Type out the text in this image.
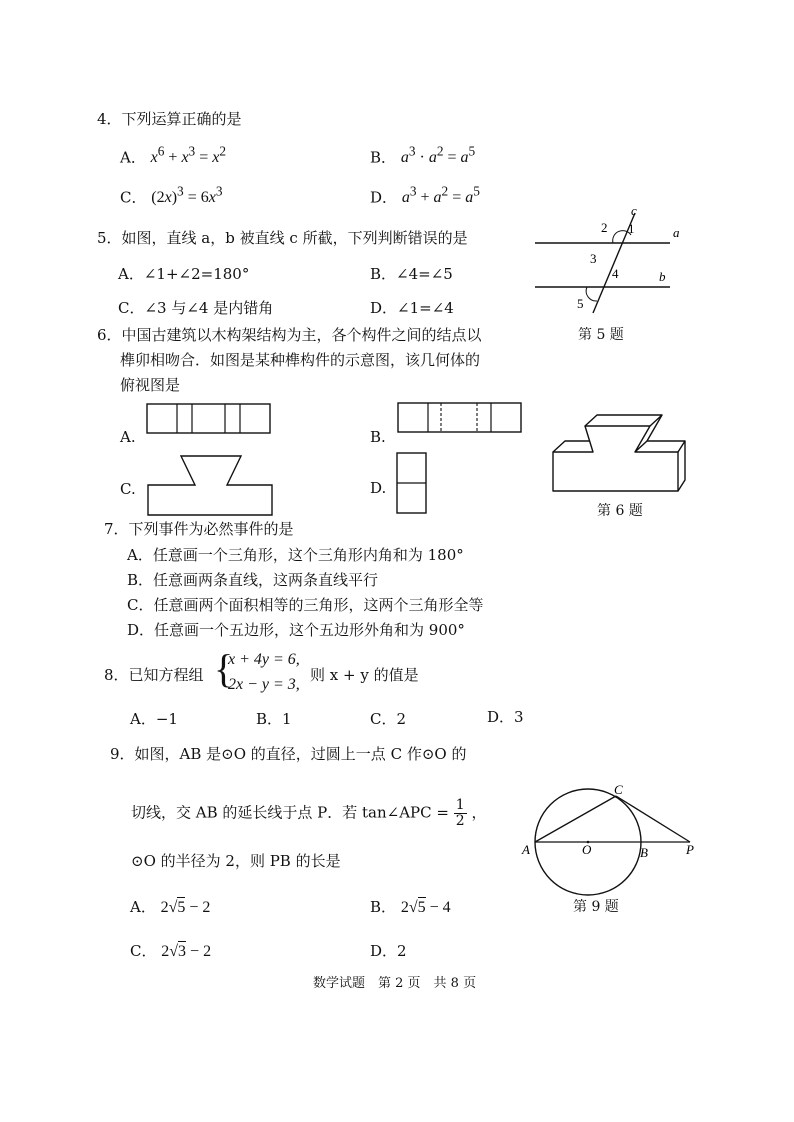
4．下列运算正确的是
A． $x^6 + x^3 = x^2$	B． $a^3 \cdot a^2 = a^5$
C． $(2x)^3 = 6x^3$	D． $a^3 + a^2 = a^5$
5．如图，直线 a，b 被直线 c 所截，下列判断错误的是
A．∠1+∠2=180°	B．∠4=∠5
C．∠3 与∠4 是内错角	D．∠1=∠4
1
2
3
4
5
a
b
c
第 5 题
6．中国古建筑以木构架结构为主，各个构件之间的结点以
榫卯相吻合．如图是某种榫构件的示意图，该几何体的
俯视图是
A.	B.
C.	D.
第 6 题
7．下列事件为必然事件的是
A．任意画一个三角形，这个三角形内角和为 180°
B．任意画两条直线，这两条直线平行
C．任意画两个面积相等的三角形，这两个三角形全等
D．任意画一个五边形，这个五边形外角和为 900°
8．已知方程组 {
x + 4y = 6,
2x − y = 3,
则 x + y 的值是
A．−1	B．1	C．2	D．3
9．如图，AB 是⊙O 的直径，过圆上一点 C 作⊙O 的
切线，交 AB 的延长线于点 P．若 tan∠APC = $\frac{1}{2}$ ，
⊙O 的半径为 2，则 PB 的长是
A． 2√5 − 2	B． 2√5 − 4
C． 2√3 − 2	D．2
A	O	B	P
C
第 9 题
数学试题　第 2 页　共 8 页
